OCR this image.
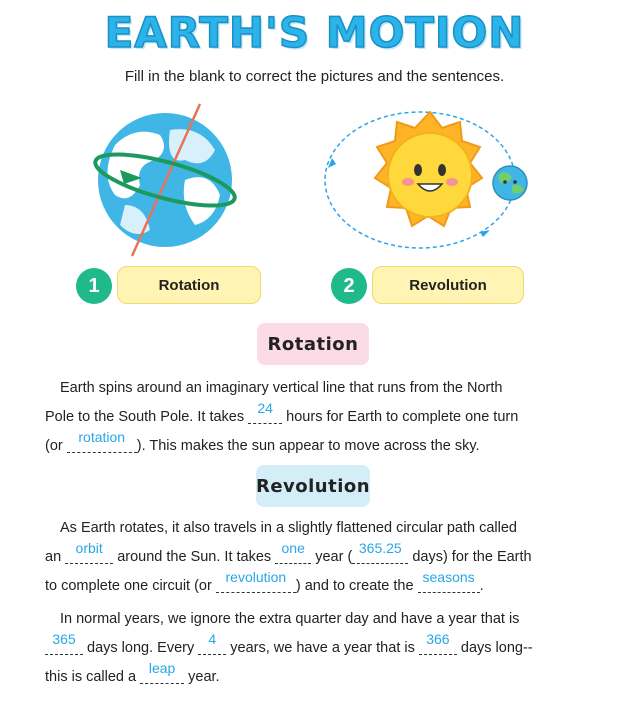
EARTH'S MOTION
Fill in the blank to correct the pictures and the sentences.
1	Rotation	2	Revolution
Rotation

Earth spins around an imaginary vertical line that runs from the North

Pole to the South Pole. It takes 24 hours for Earth to complete one turn

(or rotation). This makes the sun appear to move across the sky.

Revolution

As Earth rotates, it also travels in a slightly flattened circular path called

an orbit around the Sun. It takes one year (365.25 days) for the Earth

to complete one circuit (or revolution) and to create the seasons.

In normal years, we ignore the extra quarter day and have a year that is

365 days long. Every 4 years, we have a year that is 366 days long--

this is called a leap year.
